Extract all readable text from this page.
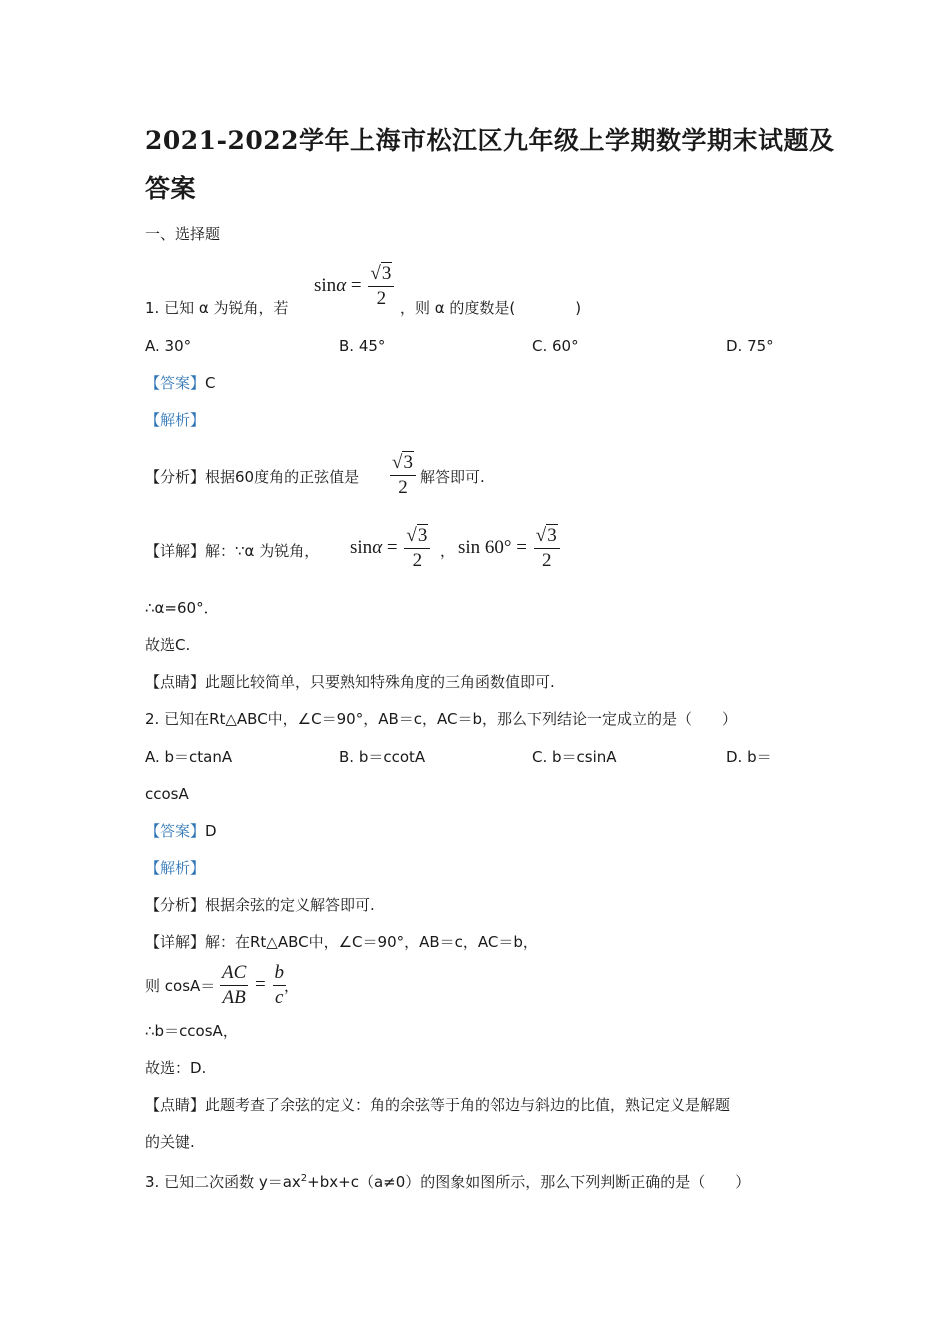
2021-2022学年上海市松江区九年级上学期数学期末试题及
答案
一、选择题
1. 已知 α 为锐角，若
$\sin\alpha = \frac{√3}{2}$ ，则 α 的度数是(　　　　)
A. 30°	B. 45°	C. 60°	D. 75°
【答案】C
【解析】
【分析】根据60度角的正弦值是 $\frac{√3}{2}$ 解答即可.
【详解】解：∵α 为锐角， $\sin\alpha = \frac{√3}{2}$ ， $\sin 60^\circ = \frac{√3}{2}$
∴α=60°．
故选C.
【点睛】此题比较简单，只要熟知特殊角度的三角函数值即可.
2. 已知在Rt△ABC中，∠C＝90°，AB＝c，AC＝b，那么下列结论一定成立的是（　　）
A. b＝ctanA	B. b＝ccotA	C. b＝csinA	D. b＝
ccosA
【答案】D
【解析】
【分析】根据余弦的定义解答即可.
【详解】解：在Rt△ABC中，∠C＝90°，AB＝c，AC＝b，
则 $\cos A= \frac{AC}{AB} = \frac{b}{c}$
，
∴b＝ccosA，
故选：D.
【点睛】此题考查了余弦的定义：角的余弦等于角的邻边与斜边的比值，熟记定义是解题
的关键.
3. 已知二次函数 $y=ax^2+bx+c(a\ne 0)$的图象如图所示，那么下列判断正确的是（　　）
